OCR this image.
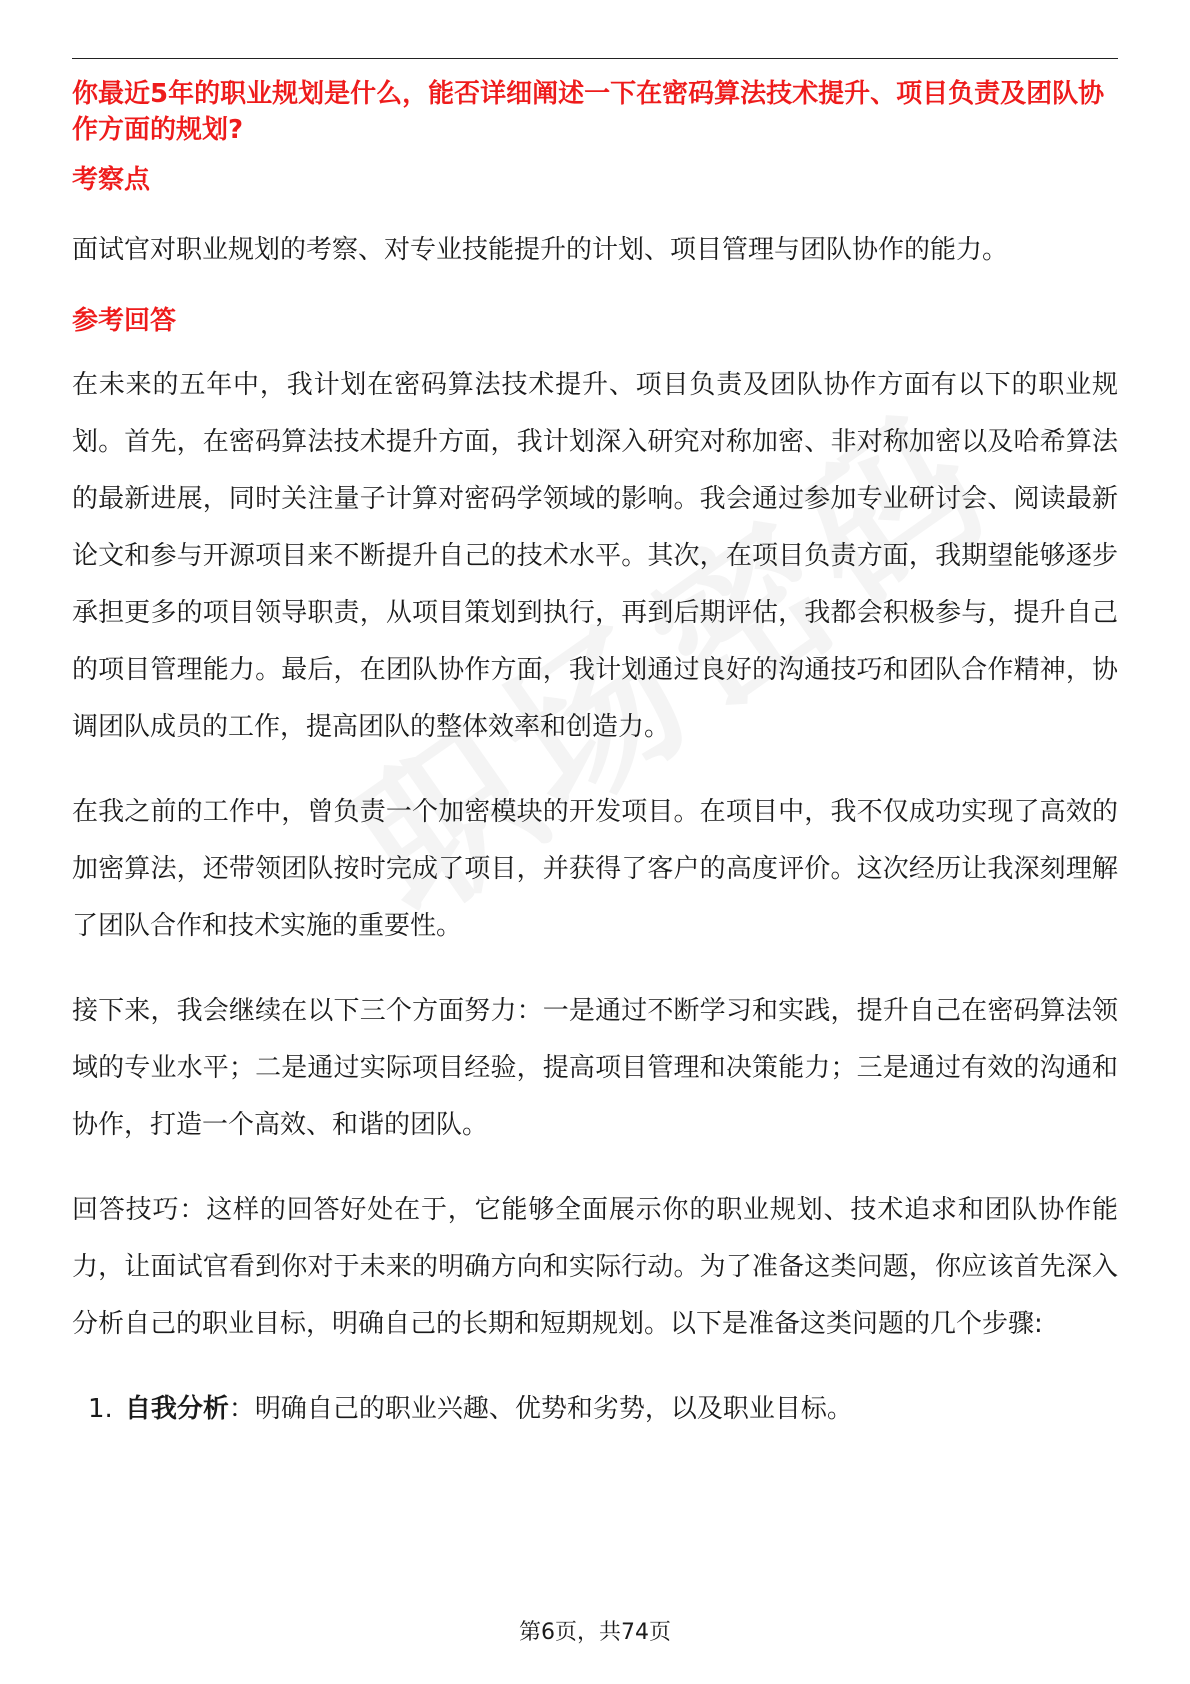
你最近5年的职业规划是什么，能否详细阐述一下在密码算法技术提升、项目负责及团队协作方面的规划?

考察点

面试官对职业规划的考察、对专业技能提升的计划、项目管理与团队协作的能力。

参考回答

在未来的五年中，我计划在密码算法技术提升、项目负责及团队协作方面有以下的职业规划。首先，在密码算法技术提升方面，我计划深入研究对称加密、非对称加密以及哈希算法的最新进展，同时关注量子计算对密码学领域的影响。我会通过参加专业研讨会、阅读最新论文和参与开源项目来不断提升自己的技术水平。其次，在项目负责方面，我期望能够逐步承担更多的项目领导职责，从项目策划到执行，再到后期评估，我都会积极参与，提升自己的项目管理能力。最后，在团队协作方面，我计划通过良好的沟通技巧和团队合作精神，协调团队成员的工作，提高团队的整体效率和创造力。

在我之前的工作中，曾负责一个加密模块的开发项目。在项目中，我不仅成功实现了高效的加密算法，还带领团队按时完成了项目，并获得了客户的高度评价。这次经历让我深刻理解了团队合作和技术实施的重要性。

接下来，我会继续在以下三个方面努力：一是通过不断学习和实践，提升自己在密码算法领域的专业水平；二是通过实际项目经验，提高项目管理和决策能力；三是通过有效的沟通和协作，打造一个高效、和谐的团队。

回答技巧：这样的回答好处在于，它能够全面展示你的职业规划、技术追求和团队协作能力，让面试官看到你对于未来的明确方向和实际行动。为了准备这类问题，你应该首先深入分析自己的职业目标，明确自己的长期和短期规划。以下是准备这类问题的几个步骤:

1. 自我分析：明确自己的职业兴趣、优势和劣势，以及职业目标。
第6页，共74页
